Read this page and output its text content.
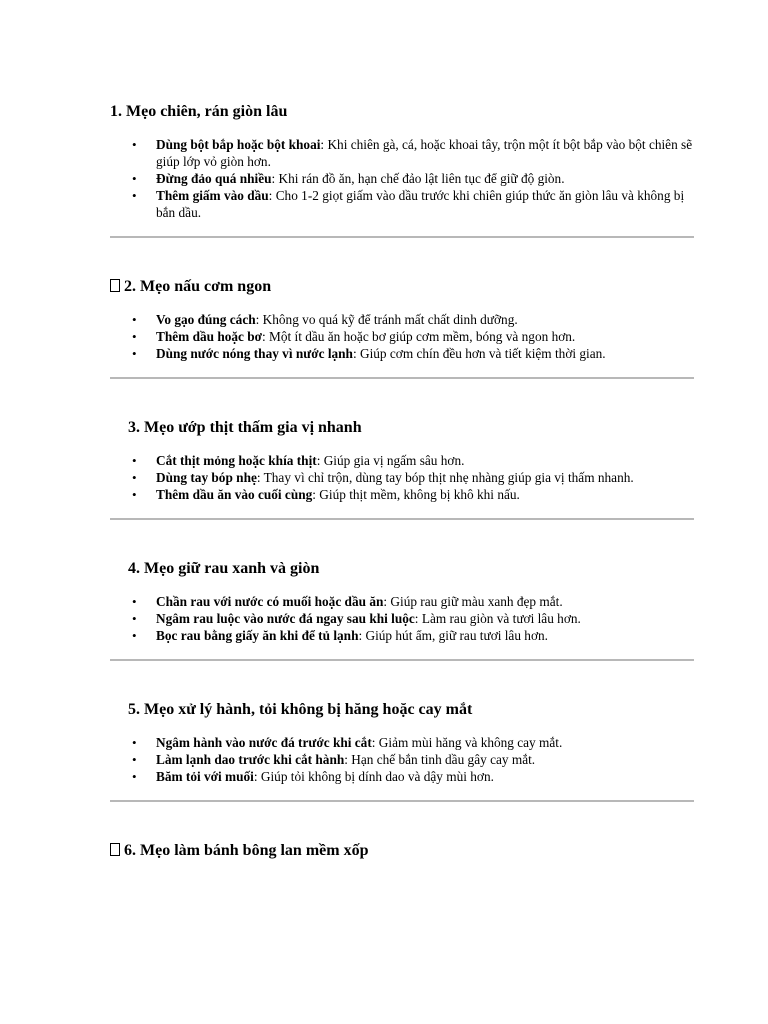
1. Mẹo chiên, rán giòn lâu
• Dùng bột bắp hoặc bột khoai: Khi chiên gà, cá, hoặc khoai tây, trộn một ít bột bắp vào bột chiên sẽ giúp lớp vỏ giòn hơn.
• Đừng đảo quá nhiều: Khi rán đồ ăn, hạn chế đảo lật liên tục để giữ độ giòn.
• Thêm giấm vào dầu: Cho 1-2 giọt giấm vào dầu trước khi chiên giúp thức ăn giòn lâu và không bị bắn dầu.
2. Mẹo nấu cơm ngon
• Vo gạo đúng cách: Không vo quá kỹ để tránh mất chất dinh dưỡng.
• Thêm dầu hoặc bơ: Một ít dầu ăn hoặc bơ giúp cơm mềm, bóng và ngon hơn.
• Dùng nước nóng thay vì nước lạnh: Giúp cơm chín đều hơn và tiết kiệm thời gian.
3. Mẹo ướp thịt thấm gia vị nhanh
• Cắt thịt mỏng hoặc khía thịt: Giúp gia vị ngấm sâu hơn.
• Dùng tay bóp nhẹ: Thay vì chỉ trộn, dùng tay bóp thịt nhẹ nhàng giúp gia vị thấm nhanh.
• Thêm dầu ăn vào cuối cùng: Giúp thịt mềm, không bị khô khi nấu.
4. Mẹo giữ rau xanh và giòn
• Chần rau với nước có muối hoặc dầu ăn: Giúp rau giữ màu xanh đẹp mắt.
• Ngâm rau luộc vào nước đá ngay sau khi luộc: Làm rau giòn và tươi lâu hơn.
• Bọc rau bằng giấy ăn khi để tủ lạnh: Giúp hút ẩm, giữ rau tươi lâu hơn.
5. Mẹo xử lý hành, tỏi không bị hăng hoặc cay mắt
• Ngâm hành vào nước đá trước khi cắt: Giảm mùi hăng và không cay mắt.
• Làm lạnh dao trước khi cắt hành: Hạn chế bắn tinh dầu gây cay mắt.
• Băm tỏi với muối: Giúp tỏi không bị dính dao và dậy mùi hơn.
6. Mẹo làm bánh bông lan mềm xốp
